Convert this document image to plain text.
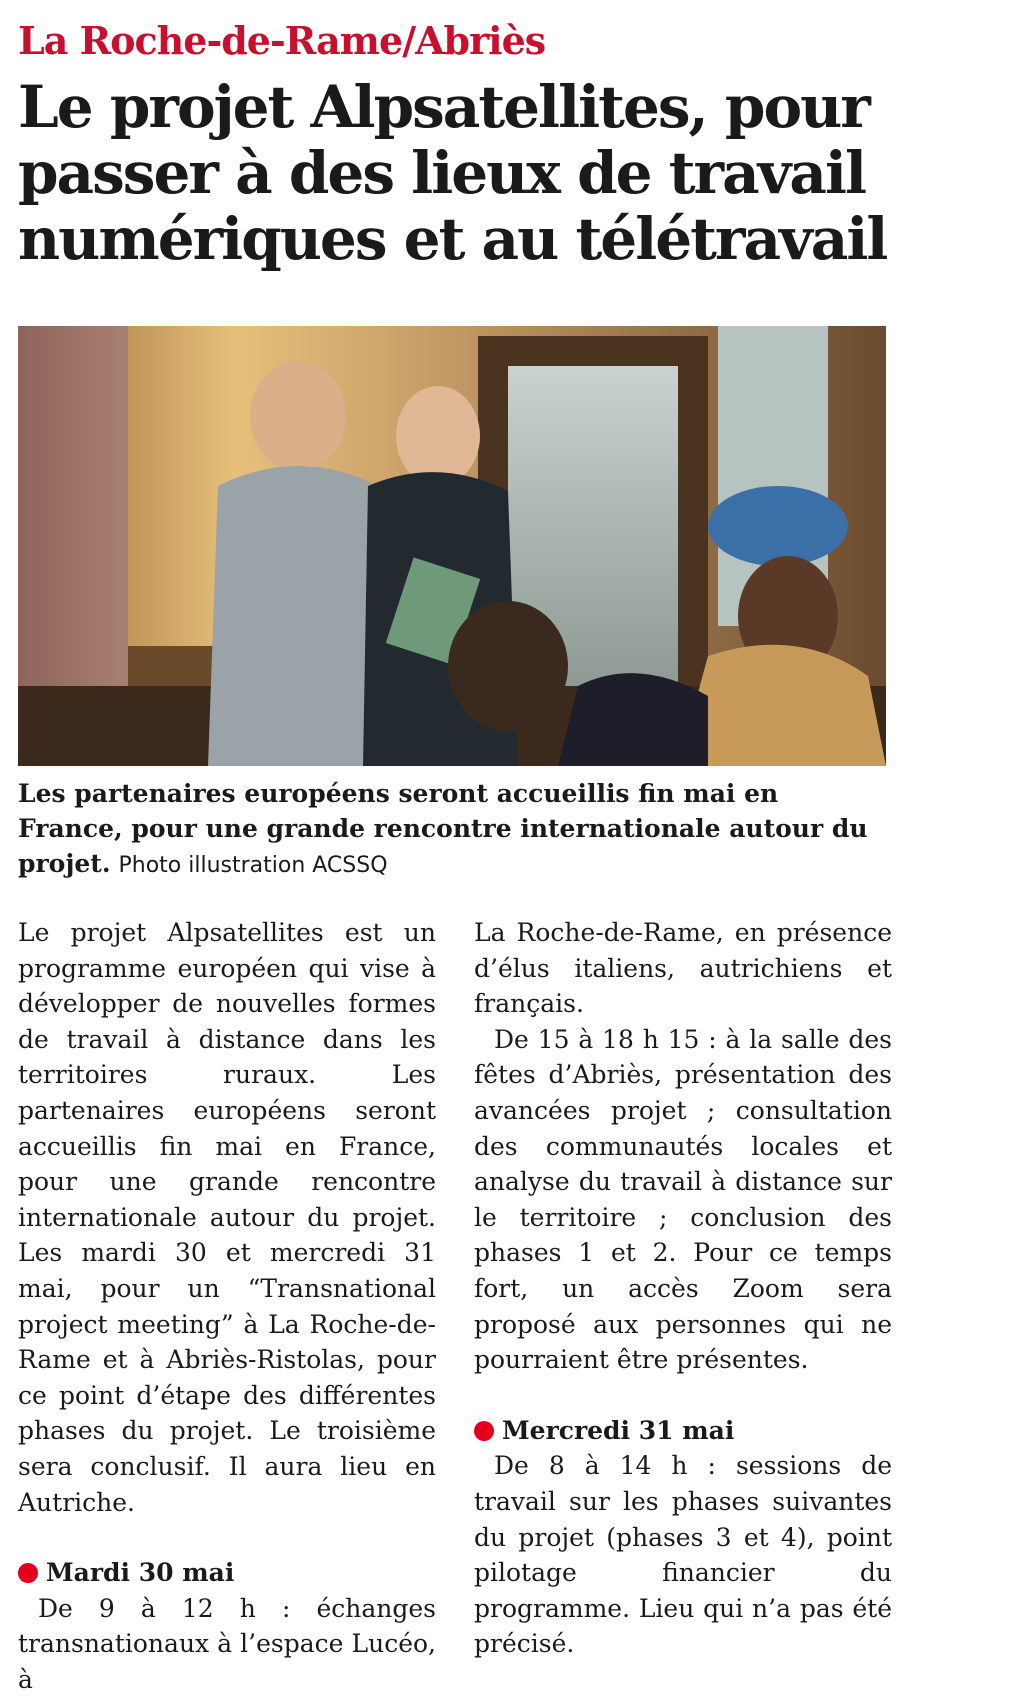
La Roche-de-Rame/Abriès
Le projet Alpsatellites, pour passer à des lieux de travail numériques et au télétravail

Les partenaires européens seront accueillis fin mai en France, pour une grande rencontre internationale autour du projet. Photo illustration ACSSQ

Le projet Alpsatellites est un programme européen qui vise à développer de nouvelles formes de travail à distance dans les territoires ruraux. Les partenaires européens seront accueillis fin mai en France, pour une grande rencontre internationale autour du projet. Les mardi 30 et mercredi 31 mai, pour un “Transnational project meeting” à La Roche-de-Rame et à Abriès-Ristolas, pour ce point d’étape des différentes phases du projet. Le troisième sera conclusif. Il aura lieu en Autriche.

Mardi 30 mai

De 9 à 12 h : échanges transnationaux à l’espace Lucéo, à

La Roche-de-Rame, en présence d’élus italiens, autrichiens et français.

De 15 à 18 h 15 : à la salle des fêtes d’Abriès, présentation des avancées projet ; consultation des communautés locales et analyse du travail à distance sur le territoire ; conclusion des phases 1 et 2. Pour ce temps fort, un accès Zoom sera proposé aux personnes qui ne pourraient être présentes.

Mercredi 31 mai

De 8 à 14 h : sessions de travail sur les phases suivantes du projet (phases 3 et 4), point pilotage financier du programme. Lieu qui n’a pas été précisé.
